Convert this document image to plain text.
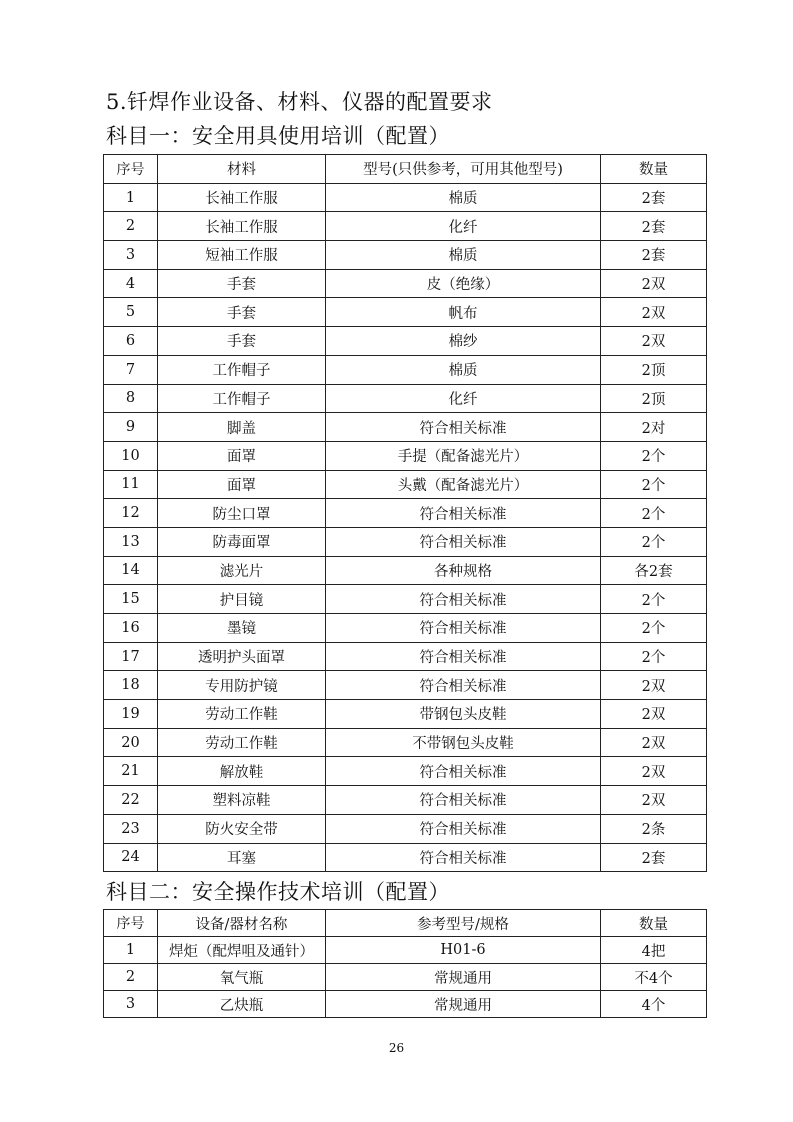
5.钎焊作业设备、材料、仪器的配置要求
科目一：安全用具使用培训（配置）
序号	材料	型号(只供参考，可用其他型号)	数量
1	长袖工作服	棉质	2套
2	长袖工作服	化纤	2套
3	短袖工作服	棉质	2套
4	手套	皮（绝缘）	2双
5	手套	帆布	2双
6	手套	棉纱	2双
7	工作帽子	棉质	2顶
8	工作帽子	化纤	2顶
9	脚盖	符合相关标准	2对
10	面罩	手提（配备滤光片）	2个
11	面罩	头戴（配备滤光片）	2个
12	防尘口罩	符合相关标准	2个
13	防毒面罩	符合相关标准	2个
14	滤光片	各种规格	各2套
15	护目镜	符合相关标准	2个
16	墨镜	符合相关标准	2个
17	透明护头面罩	符合相关标准	2个
18	专用防护镜	符合相关标准	2双
19	劳动工作鞋	带钢包头皮鞋	2双
20	劳动工作鞋	不带钢包头皮鞋	2双
21	解放鞋	符合相关标准	2双
22	塑料凉鞋	符合相关标准	2双
23	防火安全带	符合相关标准	2条
24	耳塞	符合相关标准	2套
科目二：安全操作技术培训（配置）
序号	设备/器材名称	参考型号/规格	数量
1	焊炬（配焊咀及通针）	H01-6	4把
2	氧气瓶	常规通用	不4个
3	乙炔瓶	常规通用	4个
26
